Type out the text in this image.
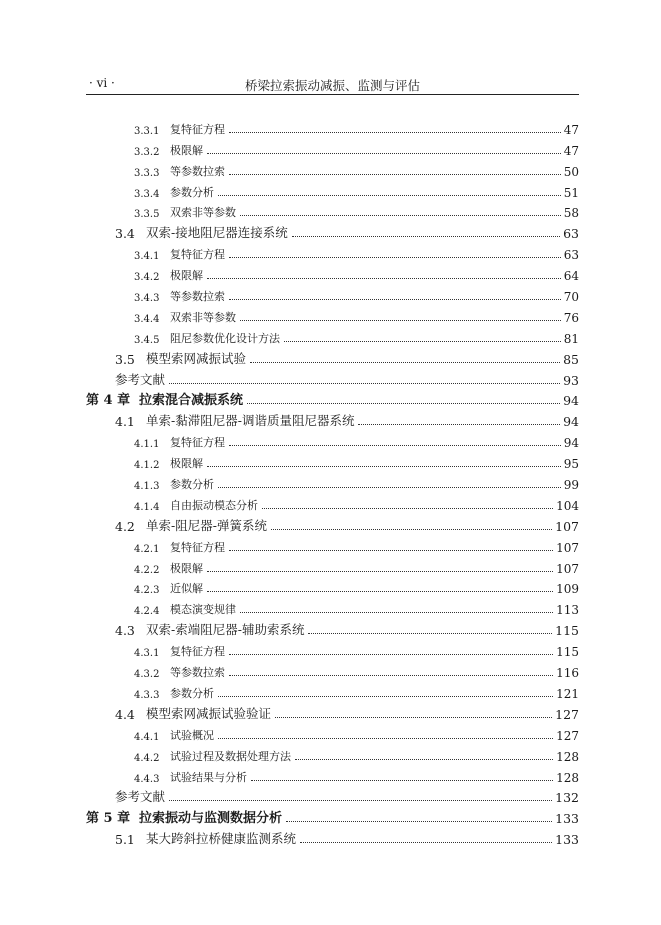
· vi ·	桥梁拉索振动减振、监测与评估
3.3.1 复特征方程	47
3.3.2 极限解	47
3.3.3 等参数拉索	50
3.3.4 参数分析	51
3.3.5 双索非等参数	58
3.4 双索-接地阻尼器连接系统	63
3.4.1 复特征方程	63
3.4.2 极限解	64
3.4.3 等参数拉索	70
3.4.4 双索非等参数	76
3.4.5 阻尼参数优化设计方法	81
3.5 模型索网减振试验	85
参考文献	93
第 4 章 拉索混合减振系统	94
4.1 单索-黏滞阻尼器-调谐质量阻尼器系统	94
4.1.1 复特征方程	94
4.1.2 极限解	95
4.1.3 参数分析	99
4.1.4 自由振动模态分析	104
4.2 单索-阻尼器-弹簧系统	107
4.2.1 复特征方程	107
4.2.2 极限解	107
4.2.3 近似解	109
4.2.4 模态演变规律	113
4.3 双索-索端阻尼器-辅助索系统	115
4.3.1 复特征方程	115
4.3.2 等参数拉索	116
4.3.3 参数分析	121
4.4 模型索网减振试验验证	127
4.4.1 试验概况	127
4.4.2 试验过程及数据处理方法	128
4.4.3 试验结果与分析	128
参考文献	132
第 5 章 拉索振动与监测数据分析	133
5.1 某大跨斜拉桥健康监测系统	133
